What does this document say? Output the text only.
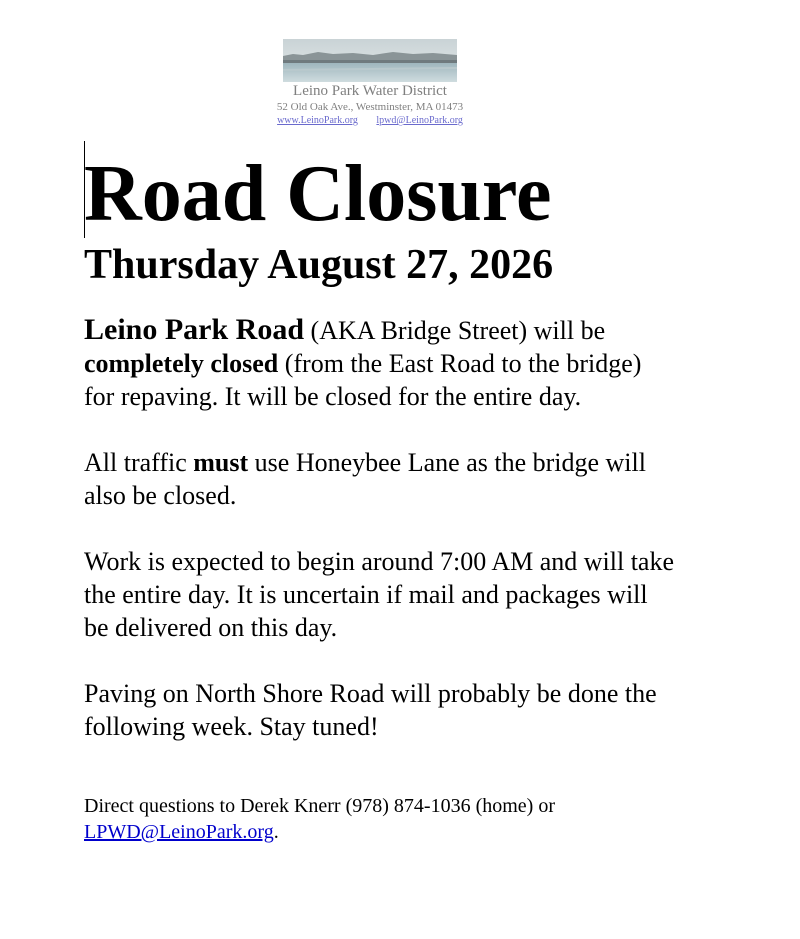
Leino Park Water District
52 Old Oak Ave., Westminster, MA 01473
www.LeinoPark.org lpwd@LeinoPark.org
Road Closure
Thursday August 27, 2026

Leino Park Road (AKA Bridge Street) will be completely closed (from the East Road to the bridge) for repaving. It will be closed for the entire day.

All traffic must use Honeybee Lane as the bridge will also be closed.

Work is expected to begin around 7:00 AM and will take the entire day. It is uncertain if mail and packages will be delivered on this day.

Paving on North Shore Road will probably be done the following week. Stay tuned!

Direct questions to Derek Knerr (978) 874-1036 (home) or LPWD@LeinoPark.org.
